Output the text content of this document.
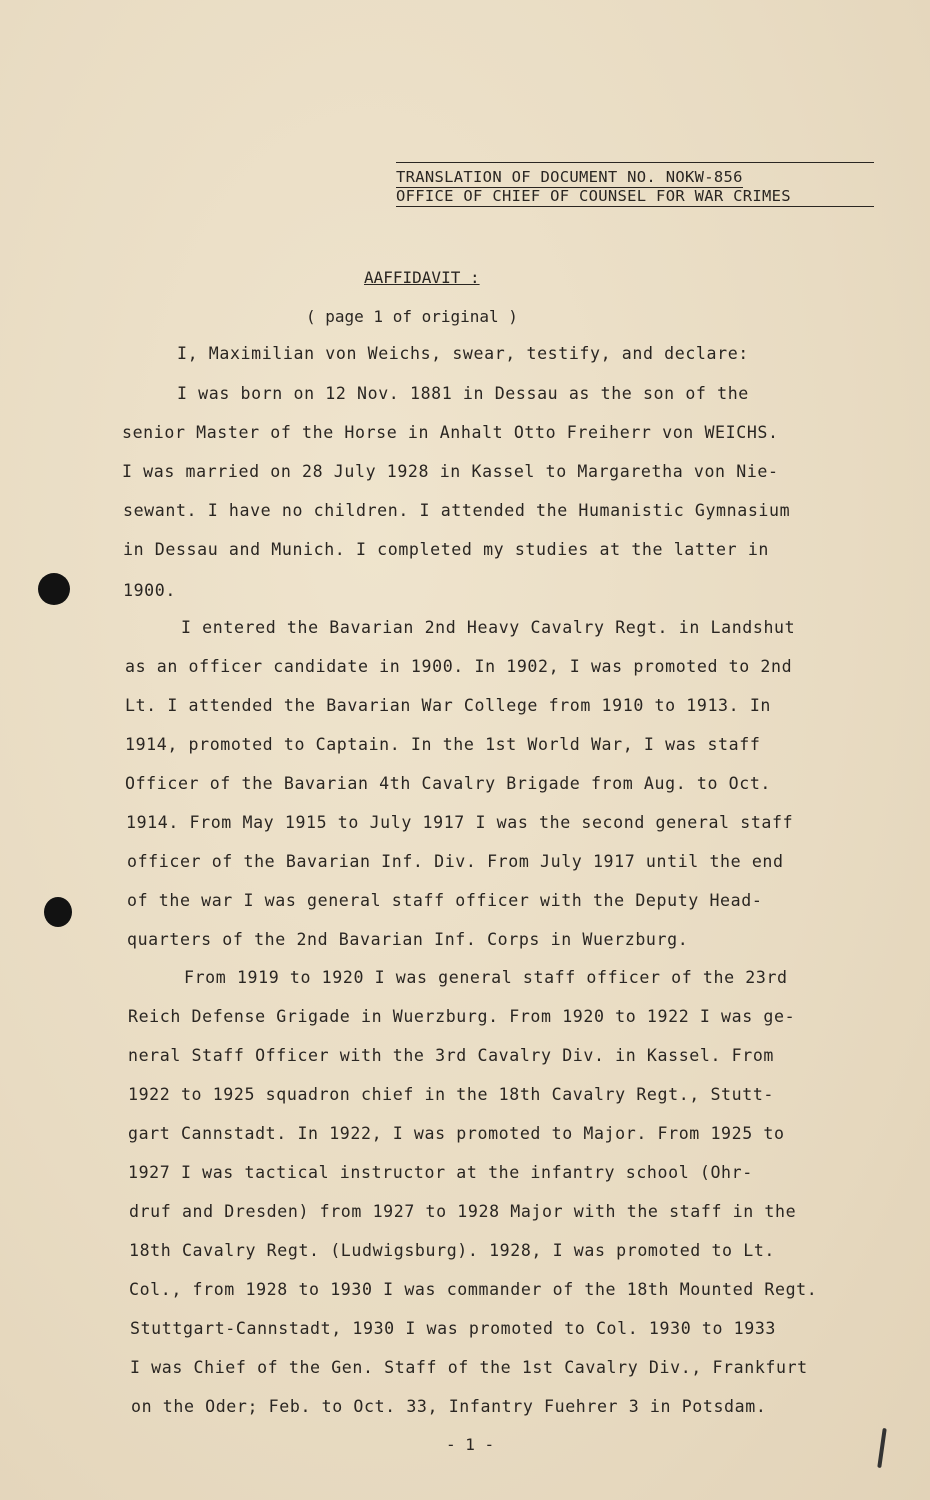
TRANSLATION OF DOCUMENT NO. NOKW-856
OFFICE OF CHIEF OF COUNSEL FOR WAR CRIMES
AAFFIDAVIT :
( page 1 of original )
I, Maximilian von Weichs, swear, testify, and declare:
I was born on 12 Nov. 1881 in Dessau as the son of the
senior Master of the Horse in Anhalt Otto Freiherr von WEICHS.
I was married on 28 July 1928 in Kassel to Margaretha von Nie-
sewant. I have no children. I attended the Humanistic Gymnasium
in Dessau and Munich. I completed my studies at the latter in
1900.
I entered the Bavarian 2nd Heavy Cavalry Regt. in Landshut
as an officer candidate in 1900. In 1902, I was promoted to 2nd
Lt. I attended the Bavarian War College from 1910 to 1913. In
1914, promoted to Captain. In the 1st World War, I was staff
Officer of the Bavarian 4th Cavalry Brigade from Aug. to Oct.
1914. From May 1915 to July 1917 I was the second general staff
officer of the Bavarian Inf. Div. From July 1917 until the end
of the war I was general staff officer with the Deputy Head-
quarters of the 2nd Bavarian Inf. Corps in Wuerzburg.
From 1919 to 1920 I was general staff officer of the 23rd
Reich Defense Grigade in Wuerzburg. From 1920 to 1922 I was ge-
neral Staff Officer with the 3rd Cavalry Div. in Kassel. From
1922 to 1925 squadron chief in the 18th Cavalry Regt., Stutt-
gart Cannstadt. In 1922, I was promoted to Major. From 1925 to
1927 I was tactical instructor at the infantry school (Ohr-
druf and Dresden) from 1927 to 1928 Major with the staff in the
18th Cavalry Regt. (Ludwigsburg). 1928, I was promoted to Lt.
Col., from 1928 to 1930 I was commander of the 18th Mounted Regt.
Stuttgart-Cannstadt, 1930 I was promoted to Col. 1930 to 1933
I was Chief of the Gen. Staff of the 1st Cavalry Div., Frankfurt
on the Oder; Feb. to Oct. 33, Infantry Fuehrer 3 in Potsdam.
- 1 -
